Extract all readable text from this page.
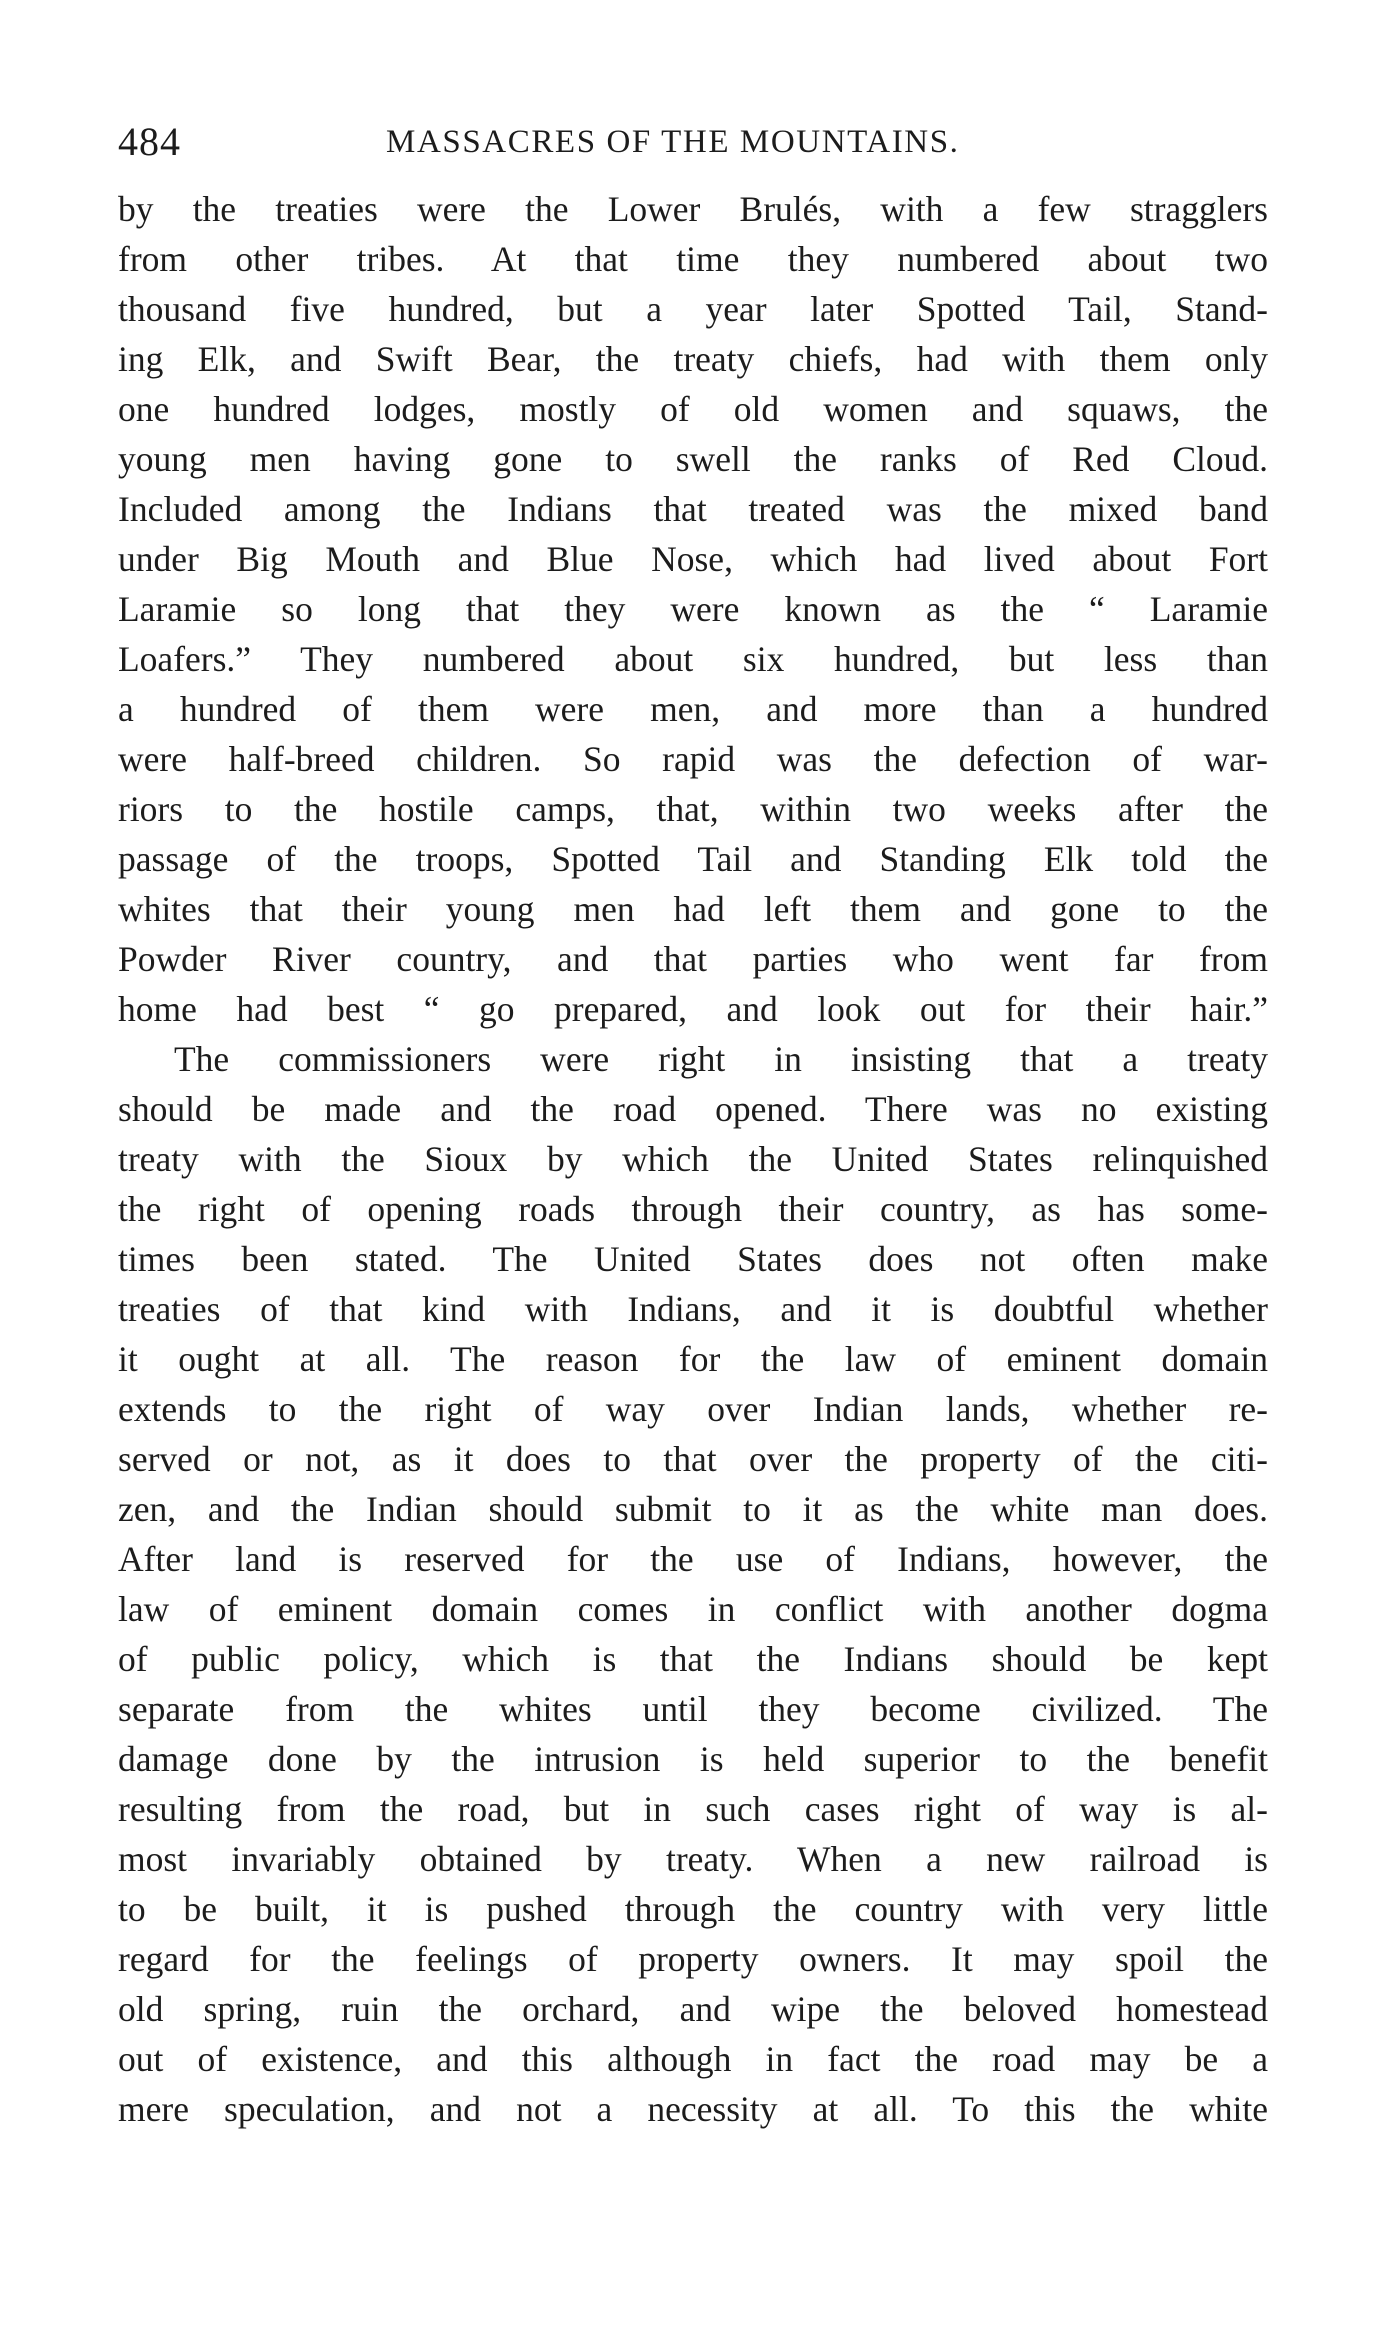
484	MASSACRES OF THE MOUNTAINS.
by the treaties were the Lower Brulés, with a few stragglers
from other tribes. At that time they numbered about two
thousand five hundred, but a year later Spotted Tail, Stand-
ing Elk, and Swift Bear, the treaty chiefs, had with them only
one hundred lodges, mostly of old women and squaws, the
young men having gone to swell the ranks of Red Cloud.
Included among the Indians that treated was the mixed band
under Big Mouth and Blue Nose, which had lived about Fort
Laramie so long that they were known as the “ Laramie
Loafers.” They numbered about six hundred, but less than
a hundred of them were men, and more than a hundred
were half-breed children. So rapid was the defection of war-
riors to the hostile camps, that, within two weeks after the
passage of the troops, Spotted Tail and Standing Elk told the
whites that their young men had left them and gone to the
Powder River country, and that parties who went far from
home had best “ go prepared, and look out for their hair.”
The commissioners were right in insisting that a treaty
should be made and the road opened. There was no existing
treaty with the Sioux by which the United States relinquished
the right of opening roads through their country, as has some-
times been stated. The United States does not often make
treaties of that kind with Indians, and it is doubtful whether
it ought at all. The reason for the law of eminent domain
extends to the right of way over Indian lands, whether re-
served or not, as it does to that over the property of the citi-
zen, and the Indian should submit to it as the white man does.
After land is reserved for the use of Indians, however, the
law of eminent domain comes in conflict with another dogma
of public policy, which is that the Indians should be kept
separate from the whites until they become civilized. The
damage done by the intrusion is held superior to the benefit
resulting from the road, but in such cases right of way is al-
most invariably obtained by treaty. When a new railroad is
to be built, it is pushed through the country with very little
regard for the feelings of property owners. It may spoil the
old spring, ruin the orchard, and wipe the beloved homestead
out of existence, and this although in fact the road may be a
mere speculation, and not a necessity at all. To this the white
